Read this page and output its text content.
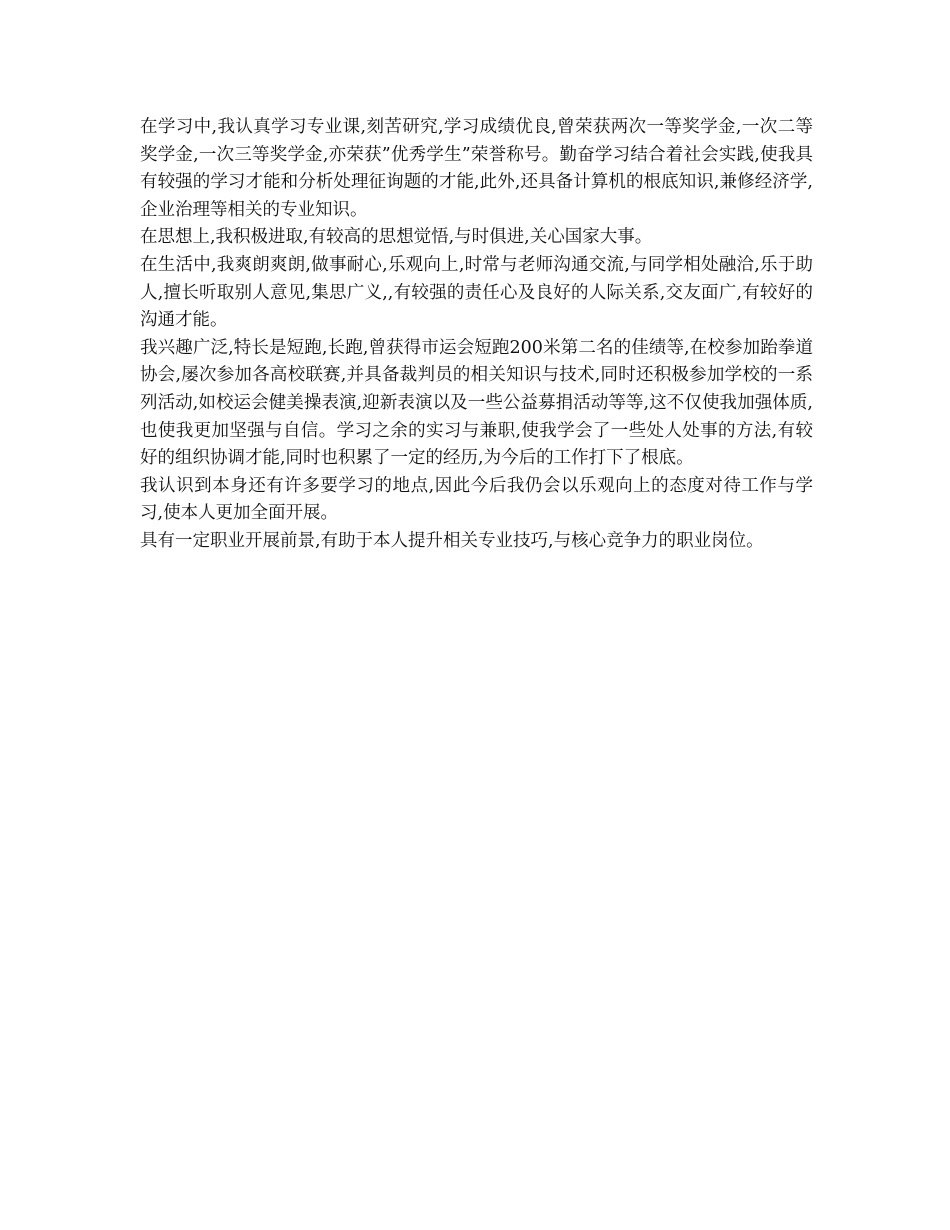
在学习中,我认真学习专业课,刻苦研究,学习成绩优良,曾荣获两次一等奖学金,一次二等奖学金,一次三等奖学金,亦荣获”优秀学生”荣誉称号。勤奋学习结合着社会实践,使我具有较强的学习才能和分析处理征询题的才能,此外,还具备计算机的根底知识,兼修经济学,企业治理等相关的专业知识。

在思想上,我积极进取,有较高的思想觉悟,与时俱进,关心国家大事。

在生活中,我爽朗爽朗,做事耐心,乐观向上,时常与老师沟通交流,与同学相处融洽,乐于助人,擅长听取别人意见,集思广义,,有较强的责任心及良好的人际关系,交友面广,有较好的沟通才能。

我兴趣广泛,特长是短跑,长跑,曾获得市运会短跑200米第二名的佳绩等,在校参加跆拳道协会,屡次参加各高校联赛,并具备裁判员的相关知识与技术,同时还积极参加学校的一系列活动,如校运会健美操表演,迎新表演以及一些公益募捐活动等等,这不仅使我加强体质,也使我更加坚强与自信。学习之余的实习与兼职,使我学会了一些处人处事的方法,有较好的组织协调才能,同时也积累了一定的经历,为今后的工作打下了根底。

我认识到本身还有许多要学习的地点,因此今后我仍会以乐观向上的态度对待工作与学习,使本人更加全面开展。

具有一定职业开展前景,有助于本人提升相关专业技巧,与核心竞争力的职业岗位。
